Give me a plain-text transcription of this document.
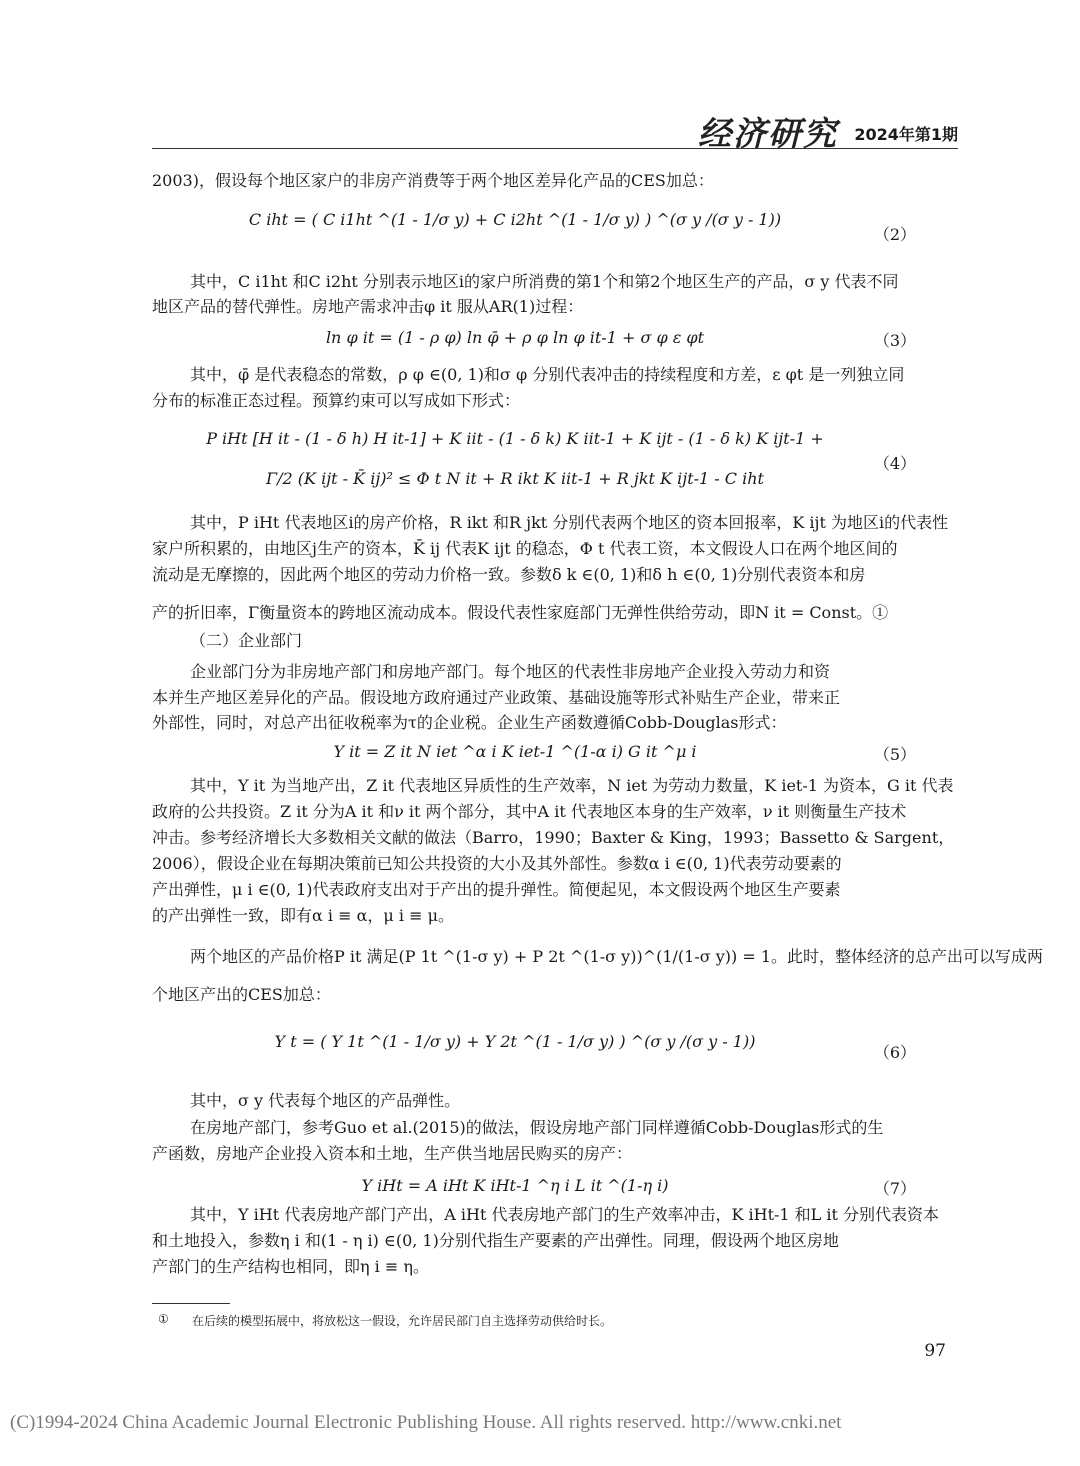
经济研究 2024年第1期
2003)，假设每个地区家户的非房产消费等于两个地区差异化产品的CES加总：
C iht = ( C i1ht ^(1 - 1/σ y) + C i2ht ^(1 - 1/σ y) ) ^(σ y /(σ y - 1))
（2）
其中，C i1ht 和C i2ht 分别表示地区i的家户所消费的第1个和第2个地区生产的产品，σ y 代表不同
地区产品的替代弹性。房地产需求冲击φ it 服从AR(1)过程：
ln φ it = (1 - ρ φ) ln φ̄ + ρ φ ln φ it-1 + σ φ ε φt	（3）
其中，φ̄ 是代表稳态的常数，ρ φ ∈(0, 1)和σ φ 分别代表冲击的持续程度和方差，ε φt 是一列独立同
分布的标准正态过程。预算约束可以写成如下形式：
P iHt [H it - (1 - δ h) H it-1] + K iit - (1 - δ k) K iit-1 + K ijt - (1 - δ k) K ijt-1 +
Γ/2 (K ijt - K̄ ij)² ≤ Φ t N it + R ikt K iit-1 + R jkt K ijt-1 - C iht
（4）
其中，P iHt 代表地区i的房产价格，R ikt 和R jkt 分别代表两个地区的资本回报率，K ijt 为地区i的代表性
家户所积累的，由地区j生产的资本，K̄ ij 代表K ijt 的稳态，Φ t 代表工资，本文假设人口在两个地区间的
流动是无摩擦的，因此两个地区的劳动力价格一致。参数δ k ∈(0, 1)和δ h ∈(0, 1)分别代表资本和房
产的折旧率，Γ衡量资本的跨地区流动成本。假设代表性家庭部门无弹性供给劳动，即N it = Const。①
（二）企业部门
企业部门分为非房地产部门和房地产部门。每个地区的代表性非房地产企业投入劳动力和资
本并生产地区差异化的产品。假设地方政府通过产业政策、基础设施等形式补贴生产企业，带来正
外部性，同时，对总产出征收税率为τ的企业税。企业生产函数遵循Cobb-Douglas形式：
Y it = Z it N iet ^α i K iet-1 ^(1-α i) G it ^μ i	（5）
其中，Y it 为当地产出，Z it 代表地区异质性的生产效率，N iet 为劳动力数量，K iet-1 为资本，G it 代表
政府的公共投资。Z it 分为A it 和ν it 两个部分，其中A it 代表地区本身的生产效率，ν it 则衡量生产技术
冲击。参考经济增长大多数相关文献的做法（Barro，1990；Baxter & King，1993；Bassetto & Sargent，
2006），假设企业在每期决策前已知公共投资的大小及其外部性。参数α i ∈(0, 1)代表劳动要素的
产出弹性，μ i ∈(0, 1)代表政府支出对于产出的提升弹性。简便起见，本文假设两个地区生产要素
的产出弹性一致，即有α i ≡ α，μ i ≡ μ。
两个地区的产品价格P it 满足(P 1t ^(1-σ y) + P 2t ^(1-σ y))^(1/(1-σ y)) = 1。此时，整体经济的总产出可以写成两
个地区产出的CES加总：
Y t = ( Y 1t ^(1 - 1/σ y) + Y 2t ^(1 - 1/σ y) ) ^(σ y /(σ y - 1))
（6）
其中，σ y 代表每个地区的产品弹性。
在房地产部门，参考Guo et al.(2015)的做法，假设房地产部门同样遵循Cobb-Douglas形式的生
产函数，房地产企业投入资本和土地，生产供当地居民购买的房产：
Y iHt = A iHt K iHt-1 ^η i L it ^(1-η i)	（7）
其中，Y iHt 代表房地产部门产出，A iHt 代表房地产部门的生产效率冲击，K iHt-1 和L it 分别代表资本
和土地投入，参数η i 和(1 - η i) ∈(0, 1)分别代指生产要素的产出弹性。同理，假设两个地区房地
产部门的生产结构也相同，即η i ≡ η。
① 在后续的模型拓展中，将放松这一假设，允许居民部门自主选择劳动供给时长。
97
(C)1994-2024 China Academic Journal Electronic Publishing House. All rights reserved. http://www.cnki.net
